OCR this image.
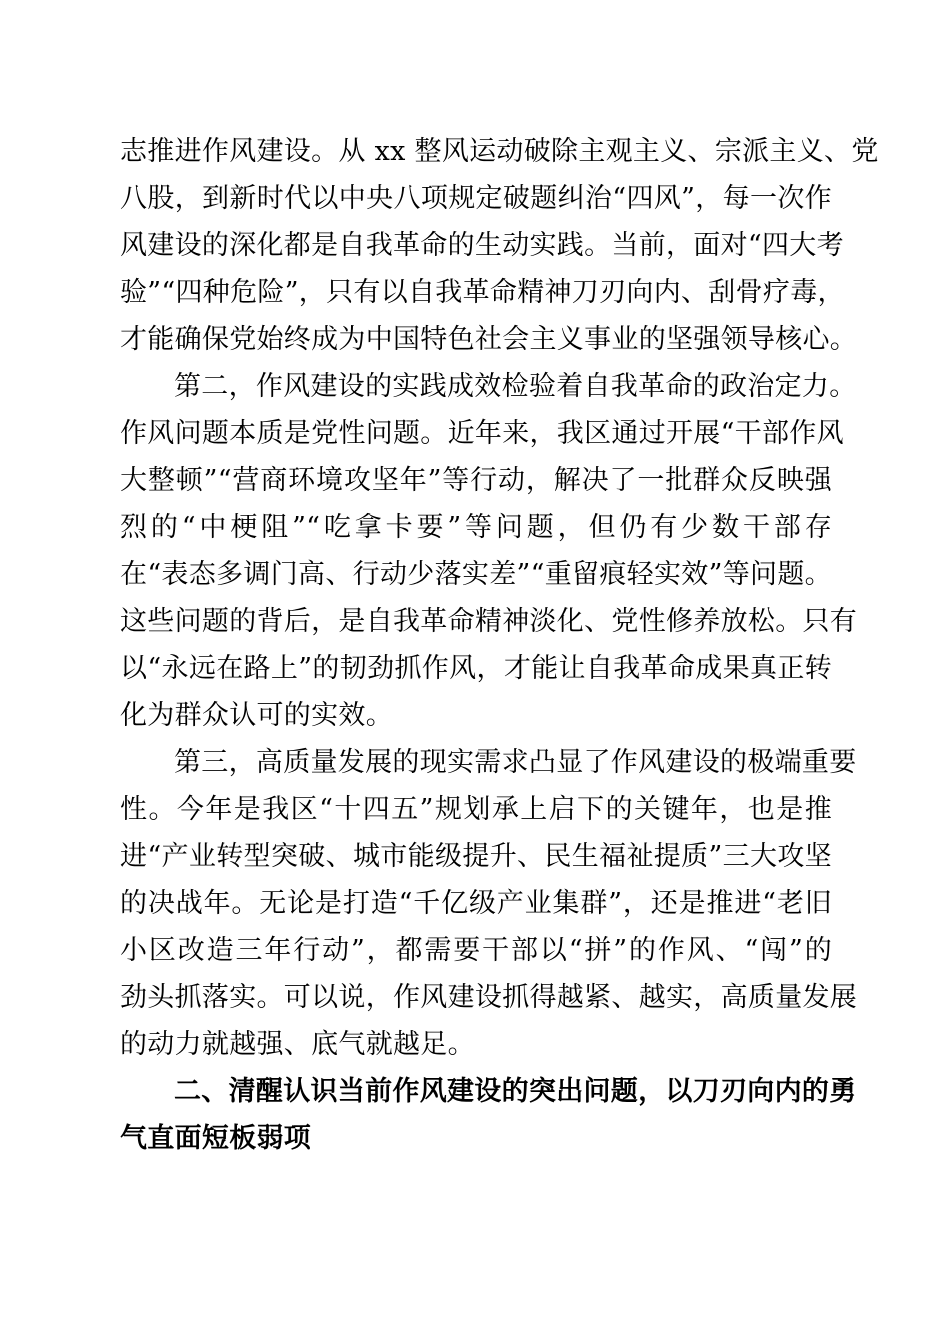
志推进作风建设。从 xx 整风运动破除主观主义、宗派主义、党
八股，到新时代以中央八项规定破题纠治“四风”，每一次作
风建设的深化都是自我革命的生动实践。当前，面对“四大考
验”“四种危险”，只有以自我革命精神刀刃向内、刮骨疗毒，
才能确保党始终成为中国特色社会主义事业的坚强领导核心。
第二，作风建设的实践成效检验着自我革命的政治定力。
作风问题本质是党性问题。近年来，我区通过开展“干部作风
大整顿”“营商环境攻坚年”等行动，解决了一批群众反映强
烈的“中梗阻”“吃拿卡要”等问题，但仍有少数干部存
在“表态多调门高、行动少落实差”“重留痕轻实效”等问题。
这些问题的背后，是自我革命精神淡化、党性修养放松。只有
以“永远在路上”的韧劲抓作风，才能让自我革命成果真正转
化为群众认可的实效。
第三，高质量发展的现实需求凸显了作风建设的极端重要
性。今年是我区“十四五”规划承上启下的关键年，也是推
进“产业转型突破、城市能级提升、民生福祉提质”三大攻坚
的决战年。无论是打造“千亿级产业集群”，还是推进“老旧
小区改造三年行动”，都需要干部以“拼”的作风、“闯”的
劲头抓落实。可以说，作风建设抓得越紧、越实，高质量发展
的动力就越强、底气就越足。
二、清醒认识当前作风建设的突出问题，以刀刃向内的勇
气直面短板弱项
